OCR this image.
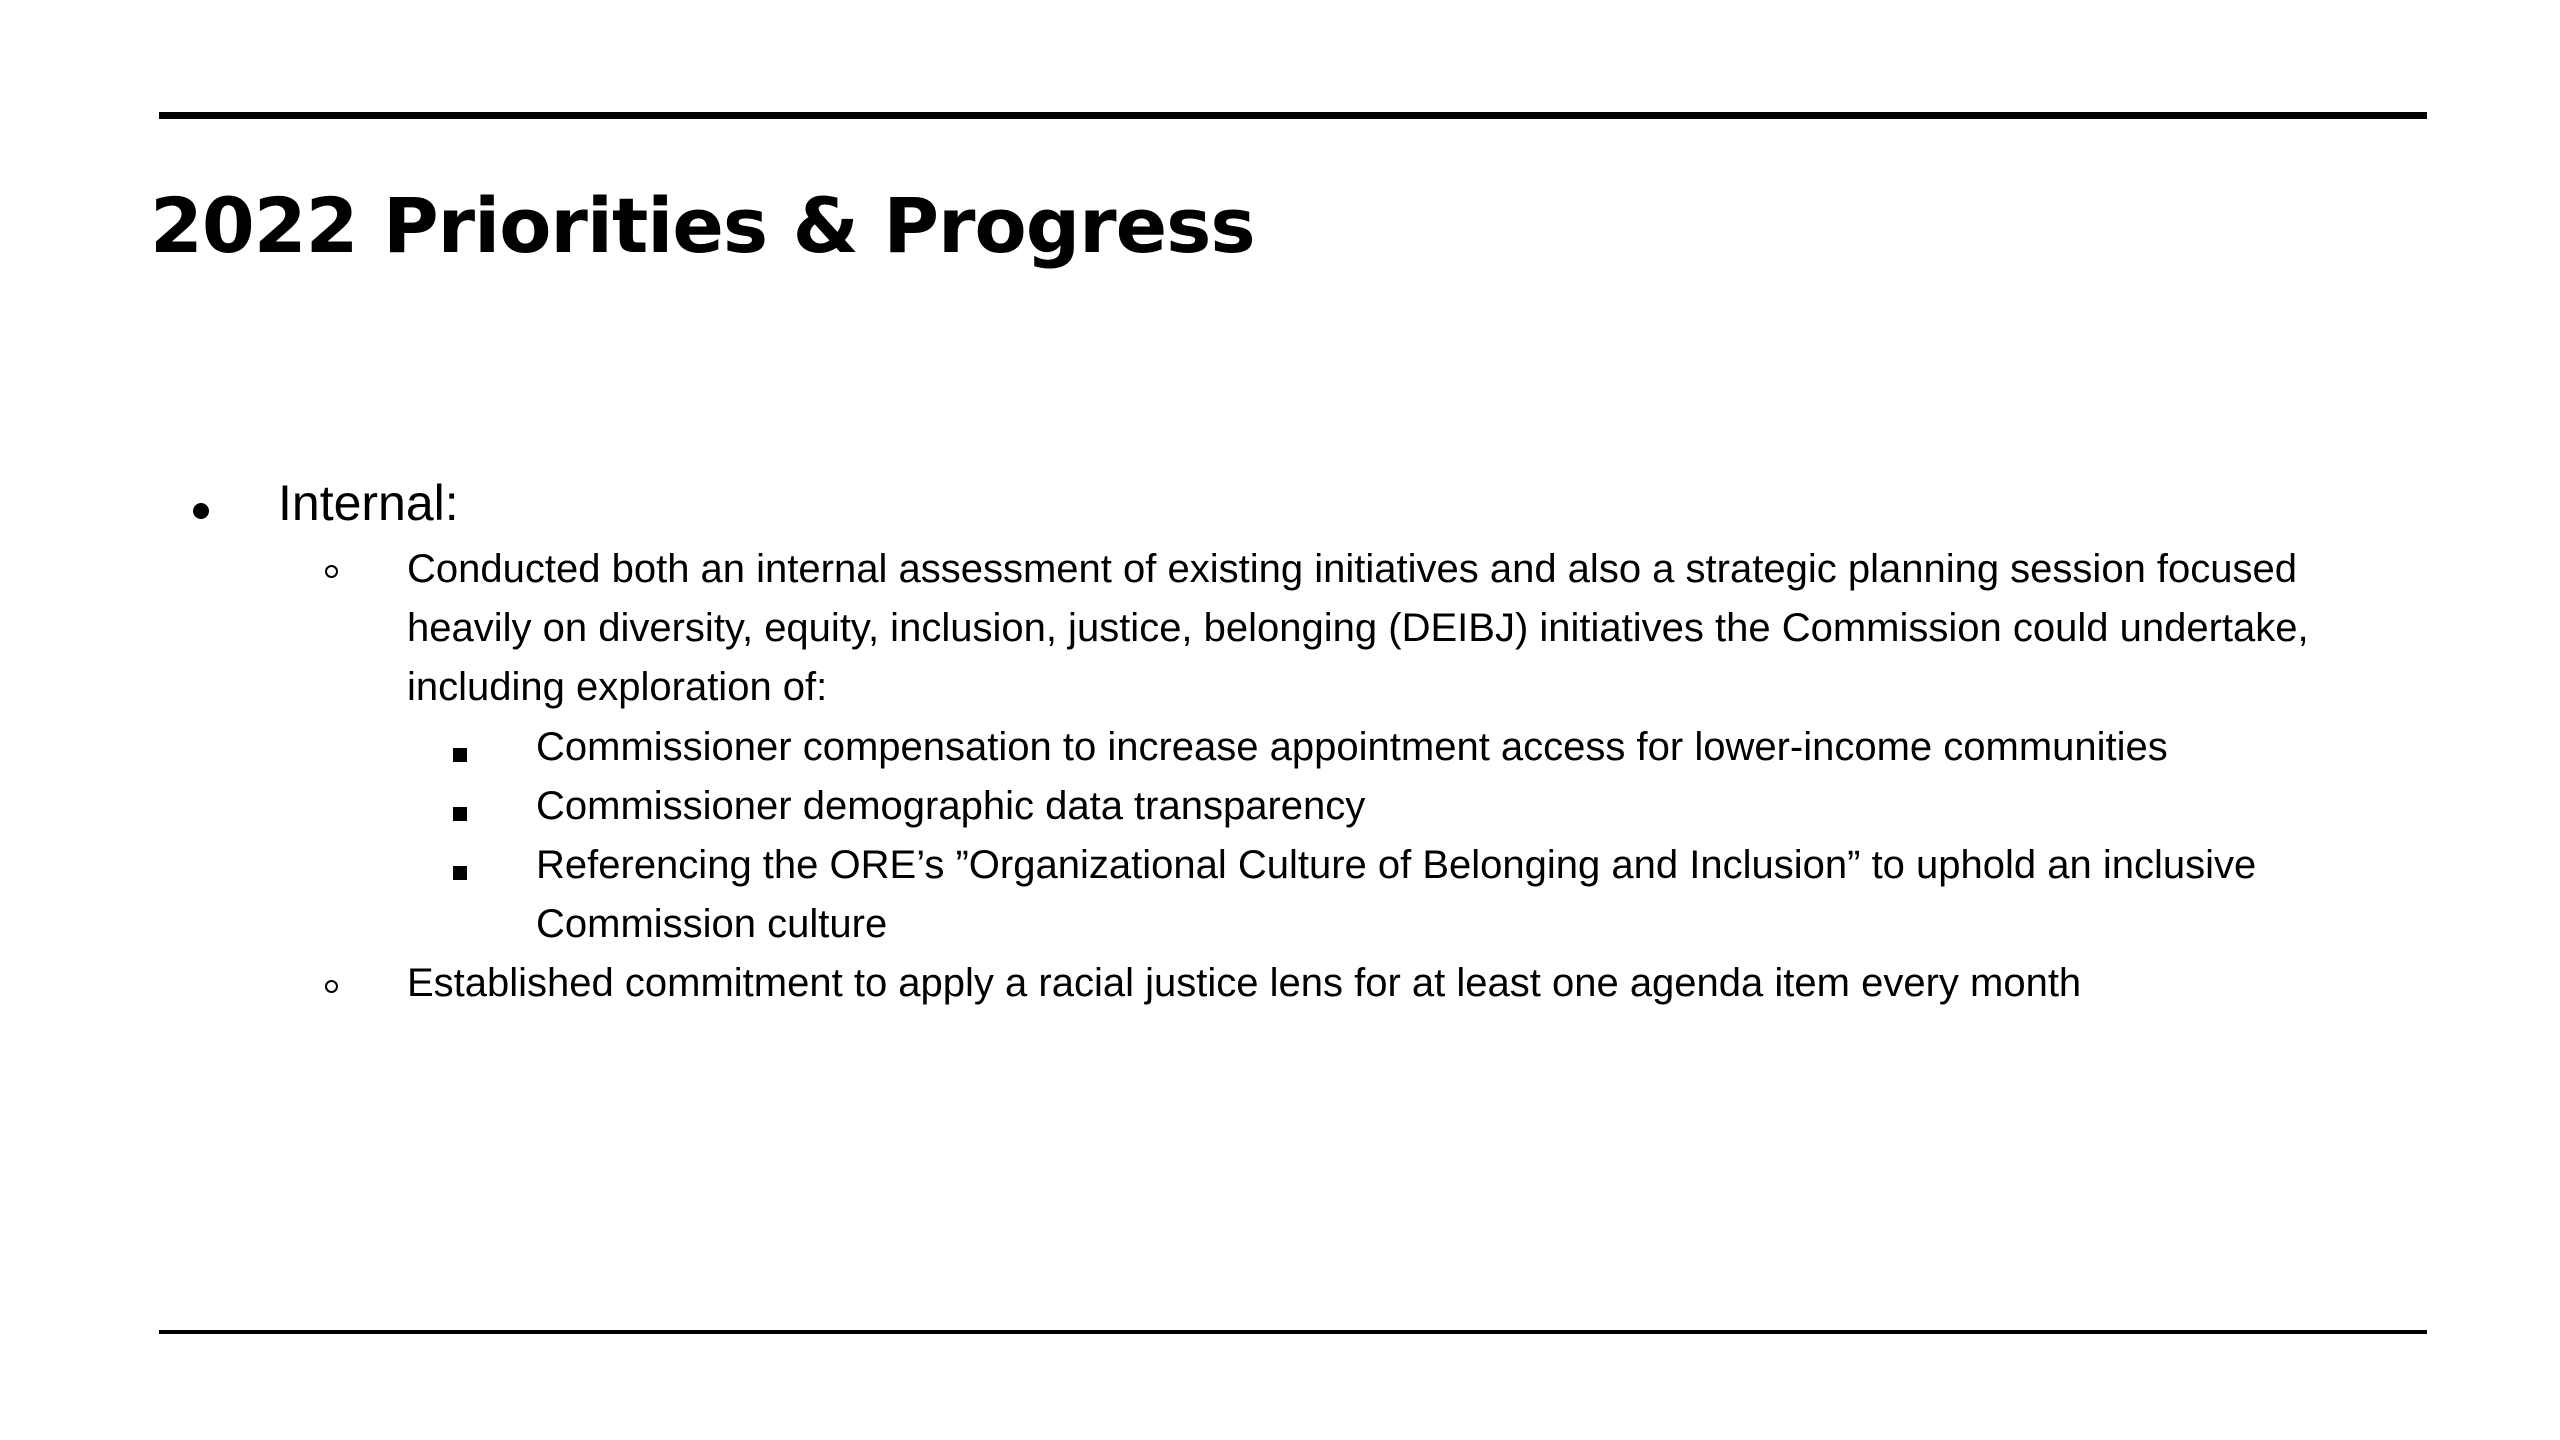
2022 Priorities & Progress
Internal:
Conducted both an internal assessment of existing initiatives and also a strategic planning session focused heavily on diversity, equity, inclusion, justice, belonging (DEIBJ) initiatives the Commission could undertake, including exploration of:
Commissioner compensation to increase appointment access for lower-income communities
Commissioner demographic data transparency
Referencing the ORE’s ”Organizational Culture of Belonging and Inclusion” to uphold an inclusive Commission culture
Established commitment to apply a racial justice lens for at least one agenda item every month
